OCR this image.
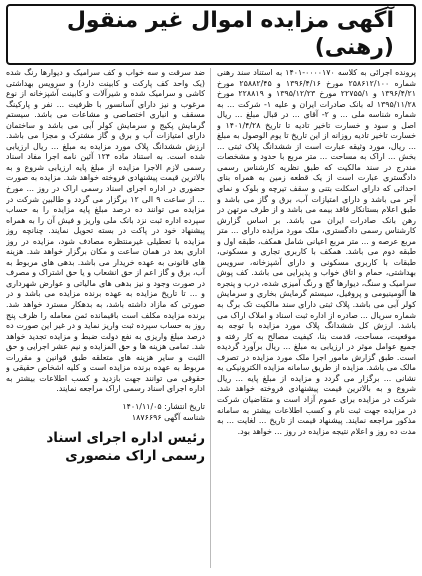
آگهی مزایده اموال غیر منقول (رهنی)

پرونده اجرائی به کلاسه ۰۰۰۰۱۷۰-۱۴۰۱ به استناد سند رهنی شماره ۲۵۸۶۱۲/۱۰۰ مورخ ۱۳۹۶/۴/۱۶ و ۲۵۸۸۲/۴۵ مورخ ۱۳۹۶/۴/۲۱ و ۲۲۷۵۵/۱ مورخ ۱۳۹۵/۱۲/۲۳ و ۲۲۸۸۱۹ مورخ ۱۳۹۵/۱۱/۲۸ له بانک صادرات ایران و علیه ۱- شرکت ... به شماره شناسه ملی ... و ۲- آقای ... در قبال مبلغ ... ریال اصل و سود و خسارت تاخیر تادیه تا تاریخ ۱۴۰۱/۴/۲۸ و خسارت تاخیر تادیه روزانه از این تاریخ تا یوم الوصول به مبلغ ... ریال، مورد وثیقه عبارت است از ششدانگ پلاک ثبتی ... بخش ... اراک به مساحت ... متر مربع با حدود و مشخصات مندرج در سند مالکیت که طبق نظریه کارشناس رسمی دادگستری عبارت است از یک قطعه زمین به همراه بنای احداثی که دارای اسکلت بتنی و سقف تیرچه و بلوک و نمای آجر می باشد و دارای امتیازات آب، برق و گاز می باشد و طبق اعلام بستانکار فاقد بیمه می باشد و از طرف مرتهن در رهن بانک صادرات ایران می باشد. بر اساس گزارش کارشناس رسمی دادگستری، ملک مورد مزایده دارای ... متر مربع عرصه و ... متر مربع اعیانی شامل همکف، طبقه اول و طبقه دوم می باشد. همکف با کاربری تجاری و مسکونی، طبقات با کاربری مسکونی و دارای آشپزخانه، سرویس بهداشتی، حمام و اتاق خواب و پذیرایی می باشد. کف پوش سرامیک و سنگ، دیوارها گچ و رنگ آمیزی شده، درب و پنجره ها آلومینیومی و پروفیل، سیستم گرمایش بخاری و سرمایش کولر آبی می باشد. پلاک ثبتی دارای سند مالکیت تک برگ به شماره سریال ... صادره از اداره ثبت اسناد و املاک اراک می باشد. ارزش کل ششدانگ پلاک مورد مزایده با توجه به موقعیت، مساحت، قدمت بنا، کیفیت مصالح به کار رفته و جمیع عوامل موثر در ارزیابی به مبلغ ... ریال برآورد گردیده است. طبق گزارش مامور اجرا ملک مورد مزایده در تصرف مالک می باشد. مزایده از طریق سامانه مزایده الکترونیکی به نشانی ... برگزار می گردد و مزایده از مبلغ پایه ... ریال شروع و به بالاترین قیمت پیشنهادی فروخته خواهد شد. شرکت در مزایده برای عموم آزاد است و متقاضیان شرکت در مزایده جهت ثبت نام و کسب اطلاعات بیشتر به سامانه مذکور مراجعه نمایند. پیشنهاد قیمت از تاریخ ... لغایت ... به مدت ده روز و اعلام نتیجه مزایده در روز ... خواهد بود.

ضد سرقت و سه خواب و کف سرامیک و دیوارها رنگ شده (یک واحد کف پارکت و کابینت دارد) و سرویس بهداشتی کاشی و سرامیک شده و شیرآلات و کابینت آشپزخانه از نوع مرغوب و نیز دارای آسانسور با ظرفیت ... نفر و پارکینگ مسقف و انباری اختصاصی و مشاعات می باشد. سیستم گرمایش پکیج و سرمایش کولر آبی می باشد و ساختمان دارای امتیازات آب و برق و گاز مشترک و مجزا می باشد. ارزش ششدانگ پلاک مورد مزایده به مبلغ ... ریال ارزیابی شده است. به استناد ماده ۱۲۴ آئین نامه اجرا مفاد اسناد رسمی لازم الاجرا مزایده از مبلغ پایه ارزیابی شروع و به بالاترین قیمت پیشنهادی فروخته خواهد شد. مزایده به صورت حضوری در اداره اجرای اسناد رسمی اراک در روز ... مورخ ... از ساعت ۹ الی ۱۲ برگزار می گردد و طالبین شرکت در مزایده می توانند ده درصد مبلغ پایه مزایده را به حساب سپرده اداره ثبت نزد بانک ملی واریز و فیش آن را به همراه پیشنهاد خود در پاکت در بسته تحویل نمایند. چنانچه روز مزایده با تعطیلی غیرمنتظره مصادف شود، مزایده در روز اداری بعد در همان ساعت و مکان برگزار خواهد شد. هزینه های قانونی به عهده خریدار می باشد. بدهی های مربوط به آب، برق و گاز اعم از حق انشعاب و یا حق اشتراک و مصرف در صورت وجود و نیز بدهی های مالیاتی و عوارض شهرداری و ... تا تاریخ مزایده به عهده برنده مزایده می باشد و در صورتی که مازاد داشته باشد، به بدهکار مسترد خواهد شد. برنده مزایده مکلف است باقیمانده ثمن معامله را ظرف پنج روز به حساب سپرده ثبت واریز نماید و در غیر این صورت ده درصد مبلغ واریزی به نفع دولت ضبط و مزایده تجدید خواهد شد. تمامی هزینه ها و حق المزایده و نیم عشر اجرایی و حق الثبت و سایر هزینه های متعلقه طبق قوانین و مقررات مربوط به عهده برنده مزایده است و کلیه اشخاص حقیقی و حقوقی می توانند جهت بازدید و کسب اطلاعات بیشتر به اداره اجرای اسناد رسمی اراک مراجعه نمایند.

تاریخ انتشار: ۱۴۰۱/۱۱/۰۵
شناسه آگهی ۱۸۷۶۶۹۶
رئیس اداره اجرای اسناد رسمی اراک منصوری
